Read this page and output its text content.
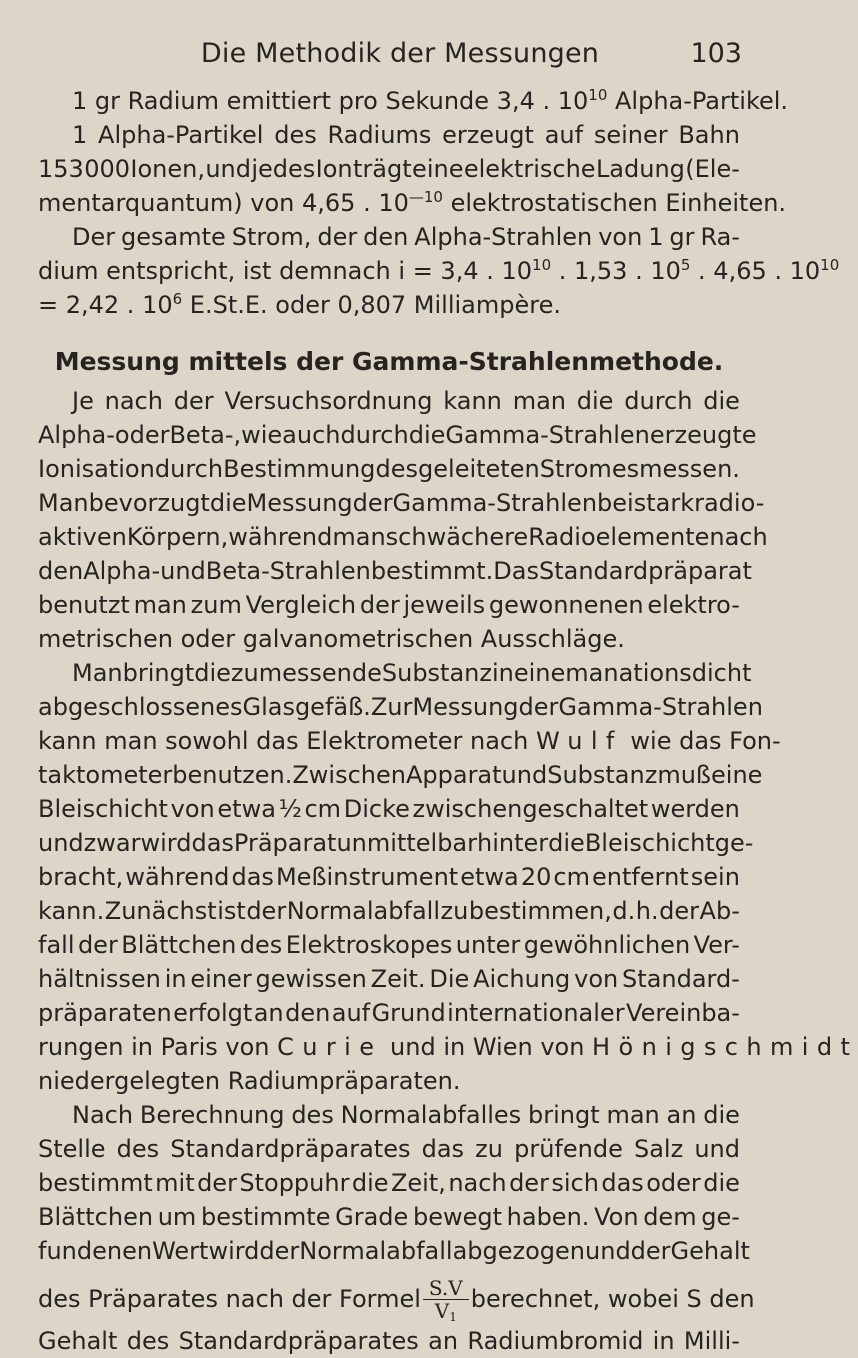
Die Methodik der Messungen	103
1 gr Radium emittiert pro Sekunde 3,4 . $10^{10}$ Alpha-Partikel.
1 Alpha-Partikel des Radiums erzeugt auf seiner Bahn
153 000 Ionen, und jedes Ion trägt eine elektrische Ladung (Ele-
mentarquantum) von 4,65 . $10^{—10}$ elektrostatischen Einheiten.
Der gesamte Strom, der den Alpha-Strahlen von 1 gr Ra-
dium entspricht, ist demnach i = 3,4 . $10^{10}$ . 1,53 . $10^5$ . 4,65 . $10^{10}$
= 2,42 . $10^6$ E.St.E. oder 0,807 Milliampère.
Messung mittels der Gamma-Strahlenmethode.
Je nach der Versuchsordnung kann man die durch die
Alpha- oder Beta-, wie auch durch die Gamma-Strahlen erzeugte
Ionisation durch Bestimmung des geleiteten Stromes messen.
Man bevorzugt die Messung der Gamma-Strahlen bei stark radio-
aktiven Körpern, während man schwächere Radioelemente nach
den Alpha- und Beta-Strahlen bestimmt. Das Standardpräparat
benutzt man zum Vergleich der jeweils gewonnenen elektro-
metrischen oder galvanometrischen Ausschläge.
Man bringt die zu messende Substanz in ein emanationsdicht
abgeschlossenes Glasgefäß. Zur Messung der Gamma-Strahlen
kann man sowohl das Elektrometer nach Wulf wie das Fon-
taktometer benutzen. Zwischen Apparat und Substanz muß eine
Bleischicht von etwa ½ cm Dicke zwischengeschaltet werden
und zwar wird das Präparat unmittelbar hinter die Bleischicht ge-
bracht, während das Meßinstrument etwa 20 cm entfernt sein
kann. Zunächst ist der Normalabfall zu bestimmen, d. h. der Ab-
fall der Blättchen des Elektroskopes unter gewöhnlichen Ver-
hältnissen in einer gewissen Zeit. Die Aichung von Standard-
präparaten erfolgt an den auf Grund internationaler Vereinba-
rungen in Paris von Curie und in Wien von Hönigschmidt
niedergelegten Radiumpräparaten.
Nach Berechnung des Normalabfalles bringt man an die
Stelle des Standardpräparates das zu prüfende Salz und
bestimmt mit der Stoppuhr die Zeit, nach der sich das oder die
Blättchen um bestimmte Grade bewegt haben. Von dem ge-
fundenen Wert wird der Normalabfall abgezogen und der Gehalt
des Präparates nach der Formel $\frac{S.V}{V_1}$ berechnet, wobei S den
Gehalt des Standardpräparates an Radiumbromid in Milli-
